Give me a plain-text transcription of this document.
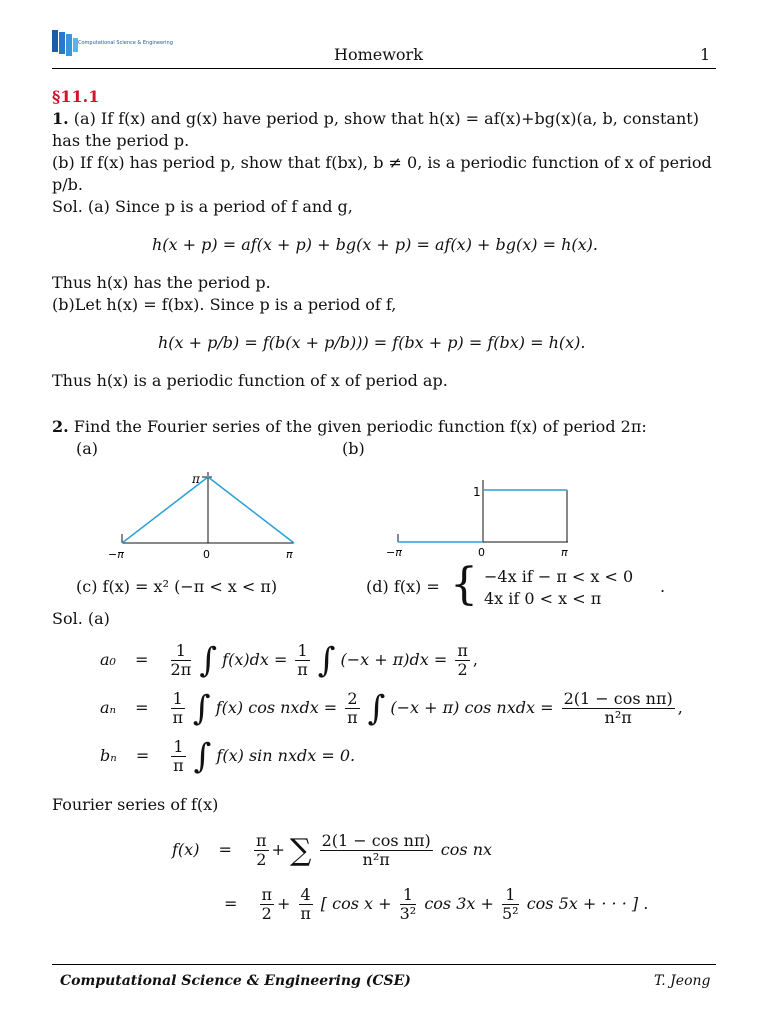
Computational Science & Engineering
Homework	1
§11.1
1. (a) If f(x) and g(x) have period p, show that h(x) = af(x)+bg(x)(a, b, constant)
has the period p.
(b) If f(x) has period p, show that f(bx), b ≠ 0, is a periodic function of x of period
p/b.
Sol. (a) Since p is a period of f and g,
h(x + p) = af(x + p) + bg(x + p) = af(x) + bg(x) = h(x).
Thus h(x) has the period p.
(b)Let h(x) = f(bx). Since p is a period of f,
h(x + p/b) = f(b(x + p/b))) = f(bx + p) = f(bx) = h(x).
Thus h(x) is a periodic function of x of period ap.
2. Find the Fourier series of the given periodic function f(x) of period 2π:
(a)	(b)
π
−π	0	π
1
−π	0	π
(c) f(x) = x² (−π < x < π)	(d) f(x) = { −4x if − π < x < 0
4x if 0 < x < π
.
Sol. (a)
$a_0 = \frac{1}{2\pi}$ ∫ $f(x)dx = \frac{1}{\pi}$ ∫ $(-x + \pi)dx = \frac{\pi}{2}$ ,
$a_n = \frac{1}{\pi}$ ∫ f(x) cos nxdx = $\frac{2}{\pi}$ ∫ (−x + π) cos nxdx = $\frac{\text{2(1 − cos nπ)}}{\text{n²π}}$ ,
$b_n = \frac{1}{\pi}$ ∫ f(x) sin nxdx = 0.
Fourier series of f(x)
$f(x) = \frac{\pi}{2}$ + ∑ $\frac{\text{2(1 − cos nπ)}}{\text{n²π}}$ cos nx
= $\frac{\pi}{2} + \frac{4}{\pi}$ [ $\cos x + \frac{1}{\text{3²}}$ $\cos 3x + \frac{1}{\text{5²}}$ cos 5x + · · · ] .
Computational Science & Engineering (CSE)	T. Jeong
